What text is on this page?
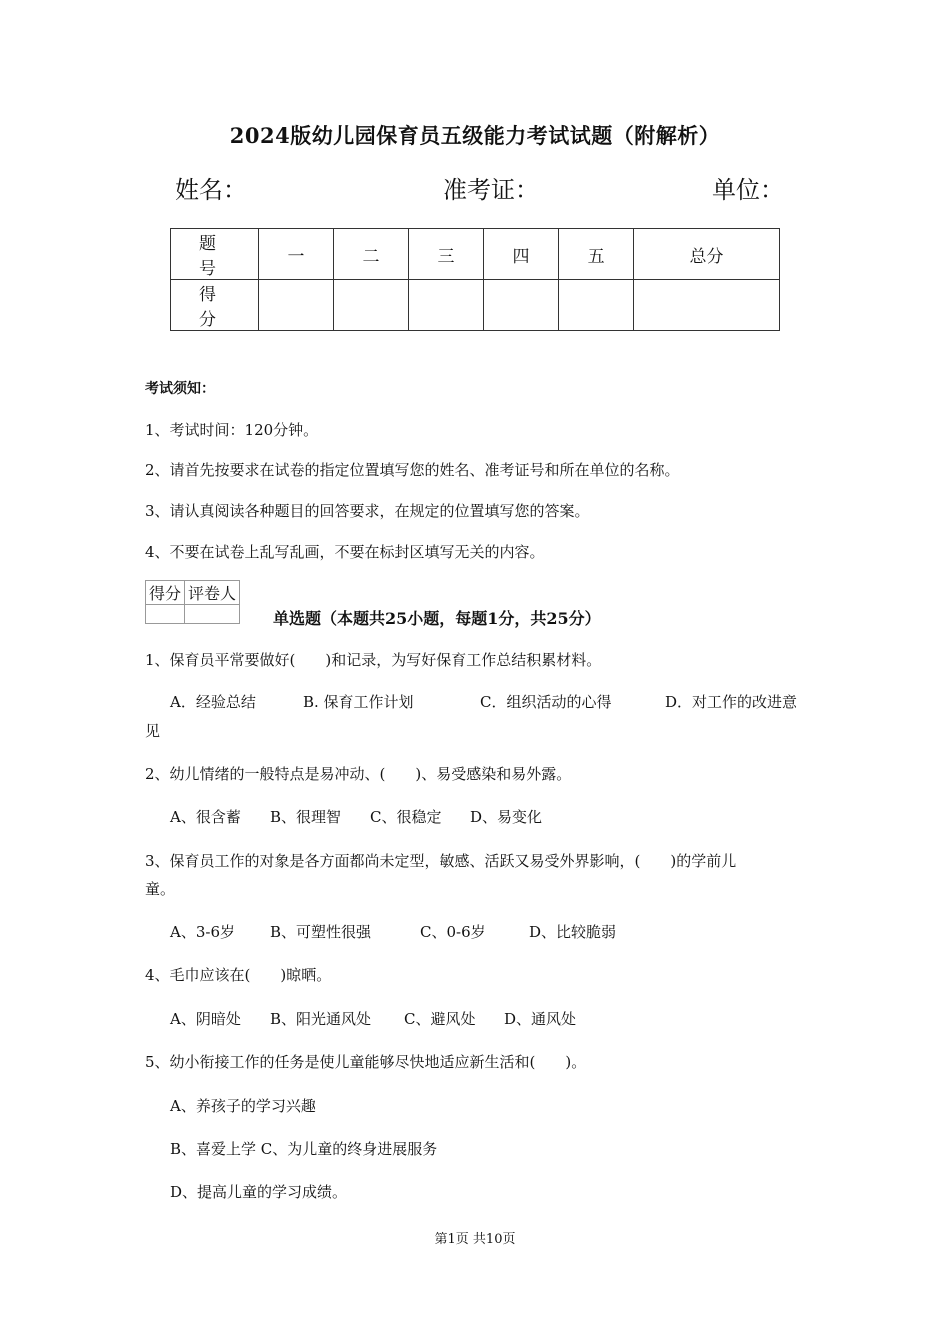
2024版幼儿园保育员五级能力考试试题（附解析）
姓名：	准考证：	单位：
题　号	一	二	三	四	五	总分
得　分						
考试须知：
1、考试时间：120分钟。
2、请首先按要求在试卷的指定位置填写您的姓名、准考证号和所在单位的名称。
3、请认真阅读各种题目的回答要求，在规定的位置填写您的答案。
4、不要在试卷上乱写乱画，不要在标封区填写无关的内容。
得分	评卷人

单选题（本题共25小题，每题1分，共25分）
1、保育员平常要做好(　　)和记录，为写好保育工作总结积累材料。
A．经验总结	B. 保育工作计划	C．组织活动的心得	D．对工作的改进意
见
2、幼儿情绪的一般特点是易冲动、(　　)、易受感染和易外露。
A、很含蓄 B、很理智 C、很稳定 D、易变化
3、保育员工作的对象是各方面都尚未定型，敏感、活跃又易受外界影响，(　　)的学前儿
童。
A、3-6岁 B、可塑性很强	C、0-6岁	D、比较脆弱
4、毛巾应该在(　　)晾晒。
A、阴暗处 B、阳光通风处 C、避风处 D、通风处
5、幼小衔接工作的任务是使儿童能够尽快地适应新生活和(　　)。
A、养孩子的学习兴趣
B、喜爱上学 C、为儿童的终身进展服务
D、提高儿童的学习成绩。
第1页 共10页
